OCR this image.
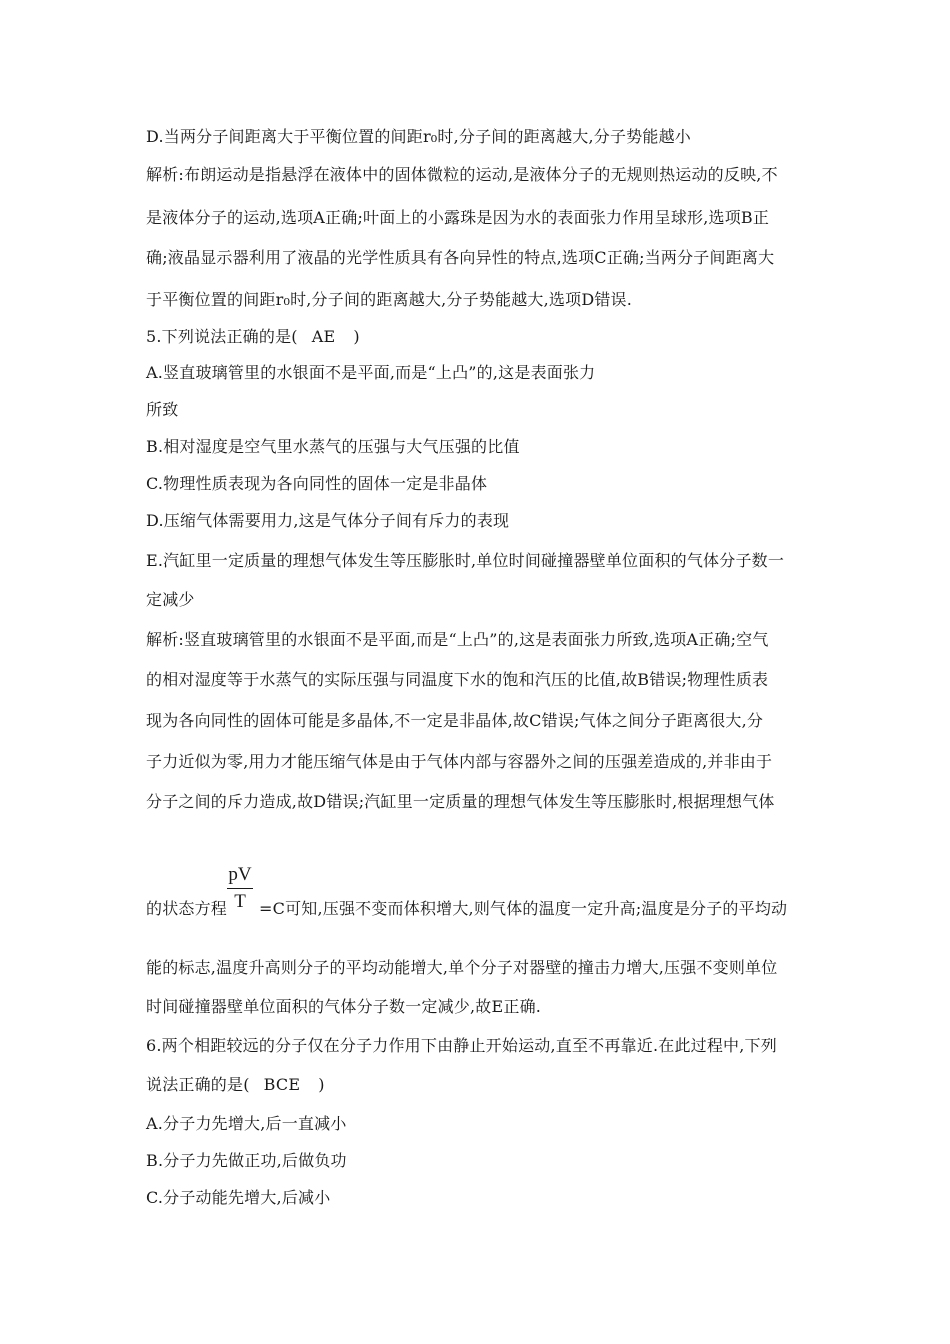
D.当两分子间距离大于平衡位置的间距r₀时,分子间的距离越大,分子势能越小
解析:布朗运动是指悬浮在液体中的固体微粒的运动,是液体分子的无规则热运动的反映,不
是液体分子的运动,选项A正确;叶面上的小露珠是因为水的表面张力作用呈球形,选项B正
确;液晶显示器利用了液晶的光学性质具有各向异性的特点,选项C正确;当两分子间距离大
于平衡位置的间距r₀时,分子间的距离越大,分子势能越大,选项D错误.
5.下列说法正确的是( AE )
A.竖直玻璃管里的水银面不是平面,而是“上凸”的,这是表面张力
所致
B.相对湿度是空气里水蒸气的压强与大气压强的比值
C.物理性质表现为各向同性的固体一定是非晶体
D.压缩气体需要用力,这是气体分子间有斥力的表现
E.汽缸里一定质量的理想气体发生等压膨胀时,单位时间碰撞器壁单位面积的气体分子数一
定减少
解析:竖直玻璃管里的水银面不是平面,而是“上凸”的,这是表面张力所致,选项A正确;空气
的相对湿度等于水蒸气的实际压强与同温度下水的饱和汽压的比值,故B错误;物理性质表
现为各向同性的固体可能是多晶体,不一定是非晶体,故C错误;气体之间分子距离很大,分
子力近似为零,用力才能压缩气体是由于气体内部与容器外之间的压强差造成的,并非由于
分子之间的斥力造成,故D错误;汽缸里一定质量的理想气体发生等压膨胀时,根据理想气体
pV
T
的状态方程 =C可知,压强不变而体积增大,则气体的温度一定升高;温度是分子的平均动
能的标志,温度升高则分子的平均动能增大,单个分子对器壁的撞击力增大,压强不变则单位
时间碰撞器壁单位面积的气体分子数一定减少,故E正确.
6.两个相距较远的分子仅在分子力作用下由静止开始运动,直至不再靠近.在此过程中,下列
说法正确的是( BCE )
A.分子力先增大,后一直减小
B.分子力先做正功,后做负功
C.分子动能先增大,后减小
